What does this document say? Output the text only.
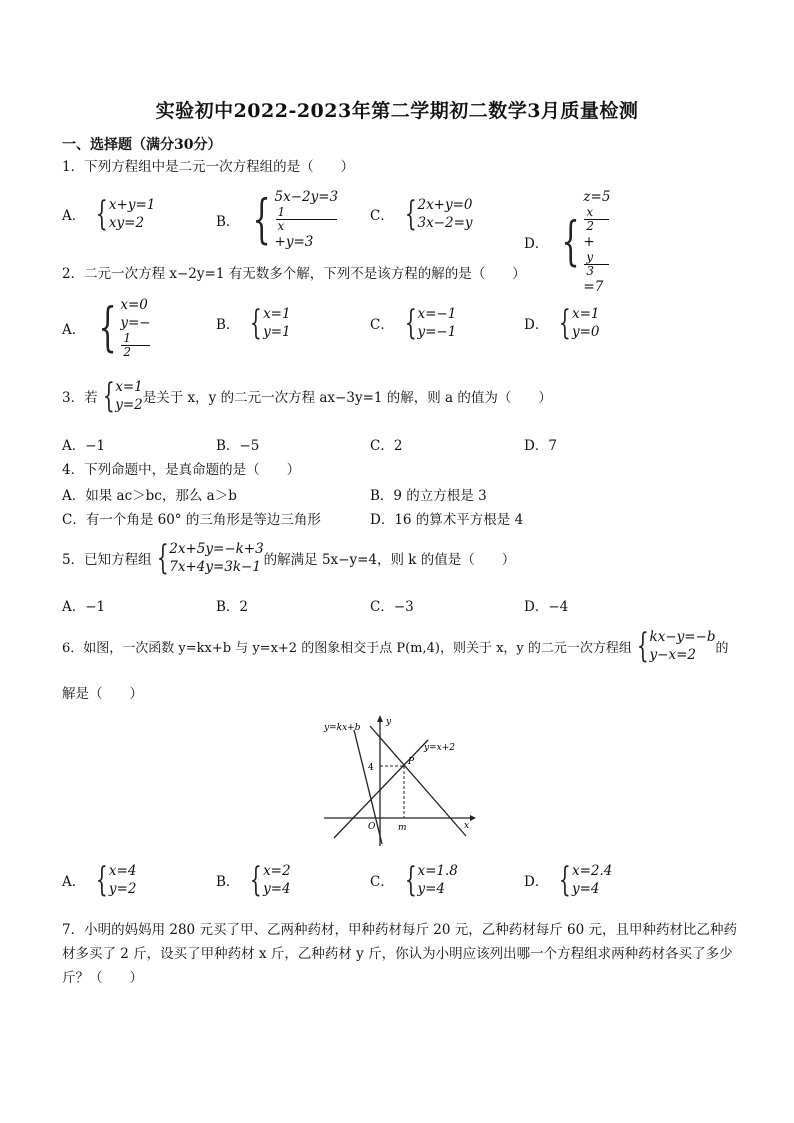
实验初中2022-2023年第二学期初二数学3月质量检测
一、选择题（满分30分）
1．下列方程组中是二元一次方程组的是（　　）
A． { x+y=1
xy=2	B． { 5x−2y=3
1
x
+y=3
C． { 2x+y=0
3x−2=y
D． {
z=5
x
2
+
y
3
=7
2．二元一次方程 x−2y=1 有无数多个解，下列不是该方程的解的是（　　）
A． { x=0
y=−
1
2
B． { x=1
y=1	C． { x=−1
y=−1	D． { x=1
y=0
3．若 { x=1
y=2 是关于 x，y 的二元一次方程 ax−3y=1 的解，则 a 的值为（　　）
A．−1	B．−5	C．2	D．7
4．下列命题中，是真命题的是（　　）
A．如果 ac＞bc，那么 a＞b	B．9 的立方根是 3
C．有一个角是 60° 的三角形是等边三角形	D．16 的算术平方根是 4
5．已知方程组 { 2x+5y=−k+3
7x+4y=3k−1 的解满足 5x−y=4，则 k 的值是（　　）
A．−1	B．2	C．−3	D．−4
6．如图，一次函数 y=kx+b 与 y=x+2 的图象相交于点 P(m,4)，则关于 x，y 的二元一次方程组 { kx−y=−b
y−x=2	的
解是（　　）
y=kx+b
y=x+2
y
x
O	m
4
P
A． { x=4
y=2	B． { x=2
y=4	C． { x=1.8
y=4	D． { x=2.4
y=4
7．小明的妈妈用 280 元买了甲、乙两种药材，甲种药材每斤 20 元，乙种药材每斤 60 元，且甲种药材比乙种药材多买了 2 斤，设买了甲种药材 x 斤，乙种药材 y 斤，你认为小明应该列出哪一个方程组求两种药材各买了多少斤？（　　）
